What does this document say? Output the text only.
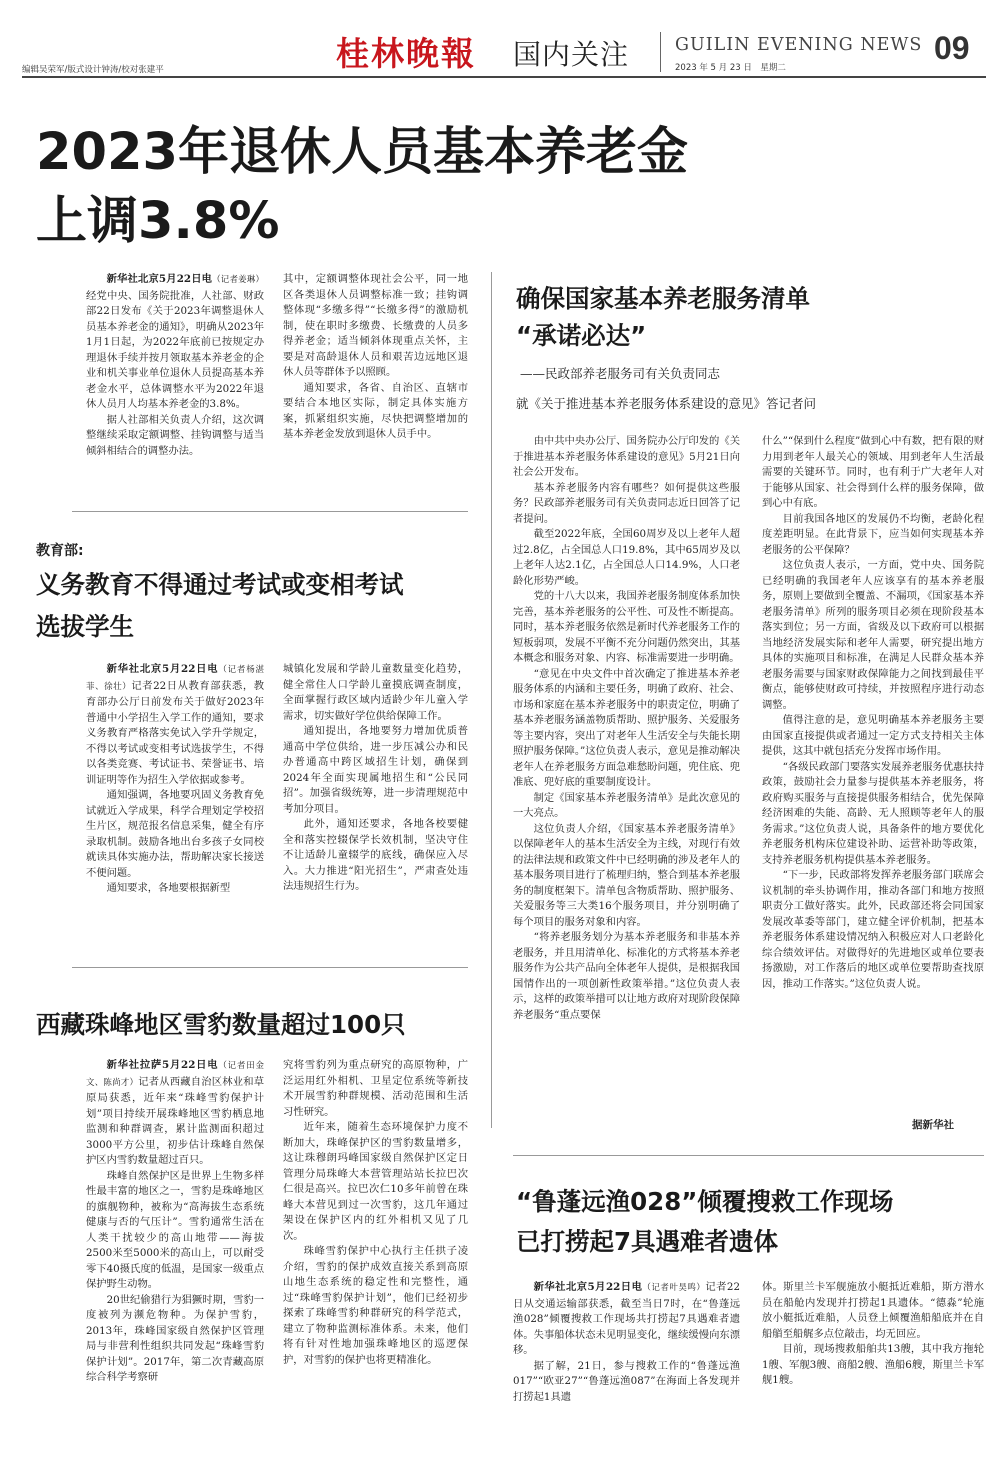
编辑吴荣军/版式设计钟涛/校对张建平	桂林晚報 国内关注	GUILIN EVENING NEWS 09
2023 年 5 月 23 日　星期二
2023年退休人员基本养老金
上调3.8%

新华社北京5月22日电（记者姜琳）经党中央、国务院批准，人社部、财政部22日发布《关于2023年调整退休人员基本养老金的通知》，明确从2023年1月1日起，为2022年底前已按规定办理退休手续并按月领取基本养老金的企业和机关事业单位退休人员提高基本养老金水平，总体调整水平为2022年退休人员月人均基本养老金的3.8%。

据人社部相关负责人介绍，这次调整继续采取定额调整、挂钩调整与适当倾斜相结合的调整办法。

其中，定额调整体现社会公平，同一地区各类退休人员调整标准一致；挂钩调整体现“多缴多得”“长缴多得”的激励机制，使在职时多缴费、长缴费的人员多得养老金；适当倾斜体现重点关怀，主要是对高龄退休人员和艰苦边远地区退休人员等群体予以照顾。

通知要求，各省、自治区、直辖市要结合本地区实际，制定具体实施方案，抓紧组织实施，尽快把调整增加的基本养老金发放到退休人员手中。

教育部:
义务教育不得通过考试或变相考试
选拔学生

新华社北京5月22日电（记者杨湛菲、徐壮）记者22日从教育部获悉，教育部办公厅日前发布关于做好2023年普通中小学招生入学工作的通知，要求义务教育严格落实免试入学升学规定，不得以考试或变相考试选拔学生，不得以各类竞赛、考试证书、荣誉证书、培训证明等作为招生入学依据或参考。

通知强调，各地要巩固义务教育免试就近入学成果，科学合理划定学校招生片区，规范报名信息采集，健全有序录取机制。鼓励各地出台多孩子女同校就读具体实施办法，帮助解决家长接送不便问题。

通知要求，各地要根据新型

城镇化发展和学龄儿童数量变化趋势，健全常住人口学龄儿童摸底调查制度，全面掌握行政区域内适龄少年儿童入学需求，切实做好学位供给保障工作。

通知提出，各地要努力增加优质普通高中学位供给，进一步压减公办和民办普通高中跨区域招生计划，确保到2024年全面实现属地招生和“公民同招”。加强省级统筹，进一步清理规范中考加分项目。

此外，通知还要求，各地各校要健全和落实控辍保学长效机制，坚决守住不让适龄儿童辍学的底线，确保应入尽入。大力推进“阳光招生”，严肃查处违法违规招生行为。

西藏珠峰地区雪豹数量超过100只

新华社拉萨5月22日电（记者田金文、陈尚才）记者从西藏自治区林业和草原局获悉，近年来“珠峰雪豹保护计划”项目持续开展珠峰地区雪豹栖息地监测和种群调查，累计监测面积超过3000平方公里，初步估计珠峰自然保护区内雪豹数量超过百只。

珠峰自然保护区是世界上生物多样性最丰富的地区之一，雪豹是珠峰地区的旗舰物种，被称为“高海拔生态系统健康与否的气压计”。雪豹通常生活在人类干扰较少的高山地带——海拔2500米至5000米的高山上，可以耐受零下40摄氏度的低温，是国家一级重点保护野生动物。

20世纪偷猎行为猖獗时期，雪豹一度被列为濒危物种。为保护雪豹，2013年，珠峰国家级自然保护区管理局与非营利性组织共同发起“珠峰雪豹保护计划”。2017年，第二次青藏高原综合科学考察研

究将雪豹列为重点研究的高原物种，广泛运用红外相机、卫星定位系统等新技术开展雪豹种群规模、活动范围和生活习性研究。

近年来，随着生态环境保护力度不断加大，珠峰保护区的雪豹数量增多，这让珠穆朗玛峰国家级自然保护区定日管理分局珠峰大本营管理站站长拉巴次仁很是高兴。拉巴次仁10多年前曾在珠峰大本营见到过一次雪豹，这几年通过架设在保护区内的红外相机又见了几次。

珠峰雪豹保护中心执行主任拱子凌介绍，雪豹的保护成效直接关系到高原山地生态系统的稳定性和完整性，通过“珠峰雪豹保护计划”，他们已经初步探索了珠峰雪豹种群研究的科学范式，建立了物种监测标准体系。未来，他们将有针对性地加强珠峰地区的巡逻保护，对雪豹的保护也将更精准化。

确保国家基本养老服务清单
“承诺必达”
——民政部养老服务司有关负责同志
就《关于推进基本养老服务体系建设的意见》答记者问

由中共中央办公厅、国务院办公厅印发的《关于推进基本养老服务体系建设的意见》5月21日向社会公开发布。

基本养老服务内容有哪些？如何提供这些服务？民政部养老服务司有关负责同志近日回答了记者提问。

截至2022年底，全国60周岁及以上老年人超过2.8亿，占全国总人口19.8%，其中65周岁及以上老年人达2.1亿，占全国总人口14.9%，人口老龄化形势严峻。

党的十八大以来，我国养老服务制度体系加快完善，基本养老服务的公平性、可及性不断提高。同时，基本养老服务依然是新时代养老服务工作的短板弱项，发展不平衡不充分问题仍然突出，其基本概念和服务对象、内容、标准需要进一步明确。

“意见在中央文件中首次确定了推进基本养老服务体系的内涵和主要任务，明确了政府、社会、市场和家庭在基本养老服务中的职责定位，明确了基本养老服务涵盖物质帮助、照护服务、关爱服务等主要内容，突出了对老年人生活安全与失能长期照护服务保障。”这位负责人表示，意见是推动解决老年人在养老服务方面急难愁盼问题，兜住底、兜准底、兜好底的重要制度设计。

制定《国家基本养老服务清单》是此次意见的一大亮点。

这位负责人介绍，《国家基本养老服务清单》以保障老年人的基本生活安全为主线，对现行有效的法律法规和政策文件中已经明确的涉及老年人的基本服务项目进行了梳理归纳，整合到基本养老服务的制度框架下。清单包含物质帮助、照护服务、关爱服务等三大类16个服务项目，并分别明确了每个项目的服务对象和内容。

“将养老服务划分为基本养老服务和非基本养老服务，并且用清单化、标准化的方式将基本养老服务作为公共产品向全体老年人提供，是根据我国国情作出的一项创新性政策举措。”这位负责人表示，这样的政策举措可以让地方政府对现阶段保障养老服务“重点要保

什么”“保到什么程度”做到心中有数，把有限的财力用到老年人最关心的领域、用到老年人生活最需要的关键环节。同时，也有利于广大老年人对于能够从国家、社会得到什么样的服务保障，做到心中有底。

目前我国各地区的发展仍不均衡，老龄化程度差距明显。在此背景下，应当如何实现基本养老服务的公平保障？

这位负责人表示，一方面，党中央、国务院已经明确的我国老年人应该享有的基本养老服务，原则上要做到全覆盖、不漏项，《国家基本养老服务清单》所列的服务项目必须在现阶段基本落实到位；另一方面，省级及以下政府可以根据当地经济发展实际和老年人需要，研究提出地方具体的实施项目和标准，在满足人民群众基本养老服务需要与国家财政保障能力之间找到最佳平衡点，能够使财政可持续，并按照程序进行动态调整。

值得注意的是，意见明确基本养老服务主要由国家直接提供或者通过一定方式支持相关主体提供，这其中就包括充分发挥市场作用。

“各级民政部门要落实发展养老服务优惠扶持政策，鼓励社会力量参与提供基本养老服务，将政府购买服务与直接提供服务相结合，优先保障经济困难的失能、高龄、无人照顾等老年人的服务需求。”这位负责人说，具备条件的地方要优化养老服务机构床位建设补助、运营补助等政策，支持养老服务机构提供基本养老服务。

“下一步，民政部将发挥养老服务部门联席会议机制的牵头协调作用，推动各部门和地方按照职责分工做好落实。此外，民政部还将会同国家发展改革委等部门，建立健全评价机制，把基本养老服务体系建设情况纳入积极应对人口老龄化综合绩效评估。对做得好的先进地区或单位要表扬激励，对工作落后的地区或单位要帮助查找原因，推动工作落实。”这位负责人说。

据新华社
“鲁蓬远渔028”倾覆搜救工作现场
已打捞起7具遇难者遗体

新华社北京5月22日电（记者叶昊鸣）记者22日从交通运输部获悉，截至当日7时，在“鲁蓬远渔028”倾覆搜救工作现场共打捞起7具遇难者遗体。失事船体状态未见明显变化，继续缓慢向东漂移。

据了解，21日，参与搜救工作的“鲁蓬远渔017”“欧亚27”“鲁蓬远渔087”在海面上各发现并打捞起1具遗

体。斯里兰卡军舰施放小艇抵近难船，斯方潜水员在船舱内发现并打捞起1具遗体。“德淼”轮施放小艇抵近难船，人员登上倾覆渔船船底并在自船艏至船艉多点位敲击，均无回应。

目前，现场搜救船舶共13艘，其中我方拖轮1艘、军舰3艘、商船2艘、渔船6艘，斯里兰卡军舰1艘。
